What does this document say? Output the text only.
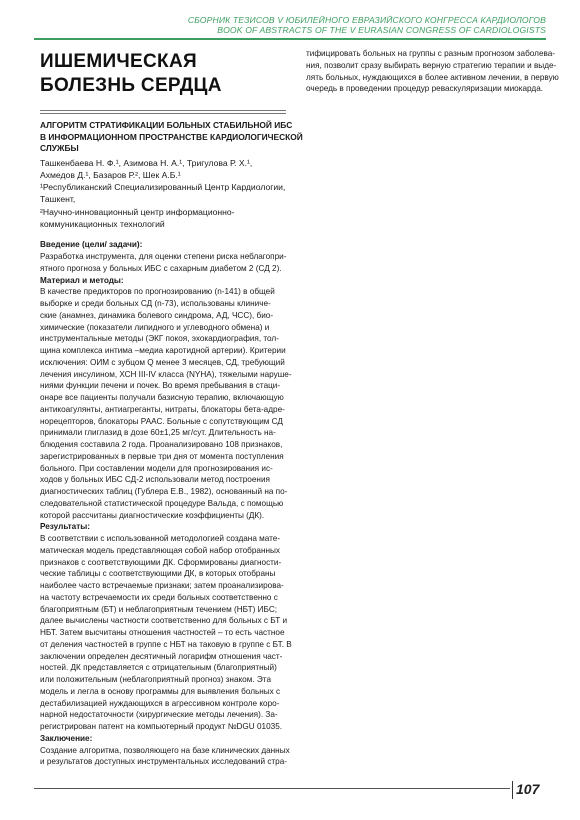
СБОРНИК ТЕЗИСОВ V ЮБИЛЕЙНОГО ЕВРАЗИЙСКОГО КОНГРЕССА КАРДИОЛОГОВ
BOOK OF ABSTRACTS OF THE V EURASIAN CONGRESS OF CARDIOLOGISTS
ИШЕМИЧЕСКАЯ
БОЛЕЗНЬ СЕРДЦА
АЛГОРИТМ СТРАТИФИКАЦИИ БОЛЬНЫХ СТАБИЛЬНОЙ ИБС
В ИНФОРМАЦИОННОМ ПРОСТРАНСТВЕ КАРДИОЛОГИЧЕСКОЙ
СЛУЖБЫ
Ташкенбаева Н. Ф.¹, Азимова Н. А.¹, Тригулова Р. Х.¹,
Ахмедов Д.¹, Базаров Р.², Шек А.Б.¹
¹Республиканский Специализированный Центр Кардиологии,
Ташкент,
²Научно-инновационный центр информационно-
коммуникационных технологий
Введение (цели/ задачи):
Разработка инструмента, для оценки степени риска неблагопри-
ятного прогноза у больных ИБС с сахарным диабетом 2 (СД 2).
Материал и методы:
В качестве предикторов по прогнозированию (n-141) в общей
выборке и среди больных СД (n-73), использованы клиниче-
ские (анамнез, динамика болевого синдрома, АД, ЧСС), био-
химические (показатели липидного и углеводного обмена) и
инструментальные методы (ЭКГ покоя, эхокардиография, тол-
щина комплекса интима –медиа каротидной артерии). Критерии
исключения: ОИМ с зубцом Q менее 3 месяцев, СД, требующий
лечения инсулином, ХСН III-IV класса (NYHA), тяжелыми наруше-
ниями функции печени и почек. Во время пребывания в стаци-
онаре все пациенты получали базисную терапию, включающую
антикоагулянты, антиагреганты, нитраты, блокаторы бета-адре-
норецепторов, блокаторы РААС. Больные с сопутствующим СД
принимали глиглазид в дозе 60±1,25 мг/сут. Длительность на-
блюдения составила 2 года. Проанализировано 108 признаков,
зарегистрированных в первые три дня от момента поступления
больного. При составлении модели для прогнозирования ис-
ходов у больных ИБС СД-2 использовали метод построения
диагностических таблиц (Гублера Е.В., 1982), основанный на по-
следовательной статистической процедуре Вальда, с помощью
которой рассчитаны диагностические коэффициенты (ДК).
Результаты:
В соответствии с использованной методологией создана мате-
матическая модель представляющая собой набор отобранных
признаков с соответствующими ДК. Сформированы диагности-
ческие таблицы с соответствующими ДК, в которых отобраны
наиболее часто встречаемые признаки; затем проанализирова-
на частоту встречаемости их среди больных соответственно с
благоприятным (БТ) и неблагоприятным течением (НБТ) ИБС;
далее вычислены частности соответственно для больных с БТ и
НБТ. Затем высчитаны отношения частностей – то есть частное
от деления частностей в группе с НБТ на таковую в группе с БТ. В
заключении определен десятичный логарифм отношения част-
ностей. ДК представляется с отрицательным (благоприятный)
или положительным (неблагоприятный прогноз) знаком. Эта
модель и легла в основу программы для выявления больных с
дестабилизацией нуждающихся в агрессивном контроле коро-
нарной недостаточности (хирургические методы лечения). За-
регистрирован патент на компьютерный продукт №DGU 01035.
Заключение:
Создание алгоритма, позволяющего на базе клинических данных
и результатов доступных инструментальных исследований стра-
тифицировать больных на группы с разным прогнозом заболева-
ния, позволит сразу выбирать верную стратегию терапии и выде-
лять больных, нуждающихся в более активном лечении, в первую
очередь в проведении процедур реваскуляризации миокарда.
107
